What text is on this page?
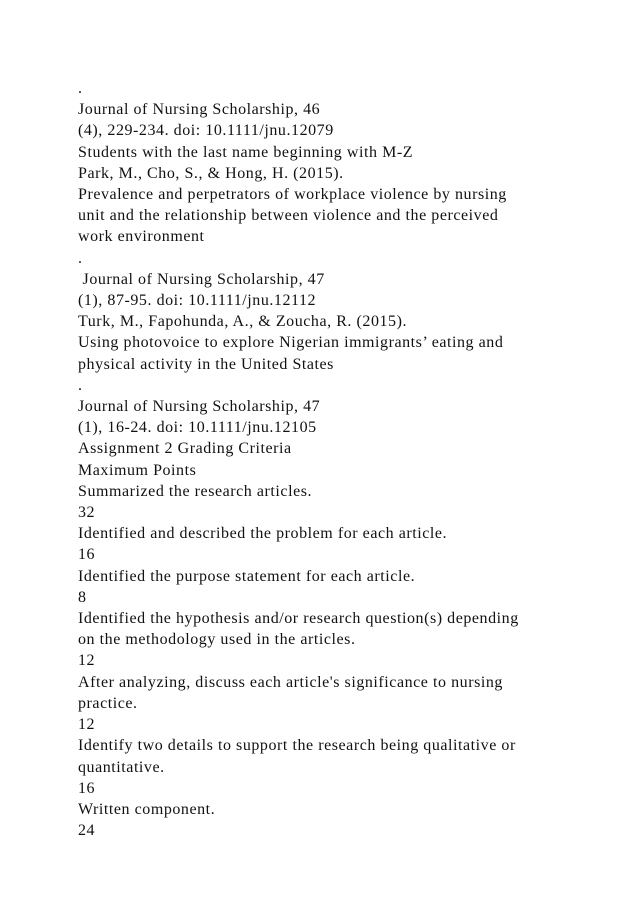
.
Journal of Nursing Scholarship, 46
(4), 229-234. doi: 10.1111/jnu.12079
Students with the last name beginning with M-Z
Park, M., Cho, S., & Hong, H. (2015).
Prevalence and perpetrators of workplace violence by nursing
unit and the relationship between violence and the perceived
work environment
.
Journal of Nursing Scholarship, 47
(1), 87-95. doi: 10.1111/jnu.12112
Turk, M., Fapohunda, A., & Zoucha, R. (2015).
Using photovoice to explore Nigerian immigrants’ eating and
physical activity in the United States
.
Journal of Nursing Scholarship, 47
(1), 16-24. doi: 10.1111/jnu.12105
Assignment 2 Grading Criteria
Maximum Points
Summarized the research articles.
32
Identified and described the problem for each article.
16
Identified the purpose statement for each article.
8
Identified the hypothesis and/or research question(s) depending
on the methodology used in the articles.
12
After analyzing, discuss each article's significance to nursing
practice.
12
Identify two details to support the research being qualitative or
quantitative.
16
Written component.
24
